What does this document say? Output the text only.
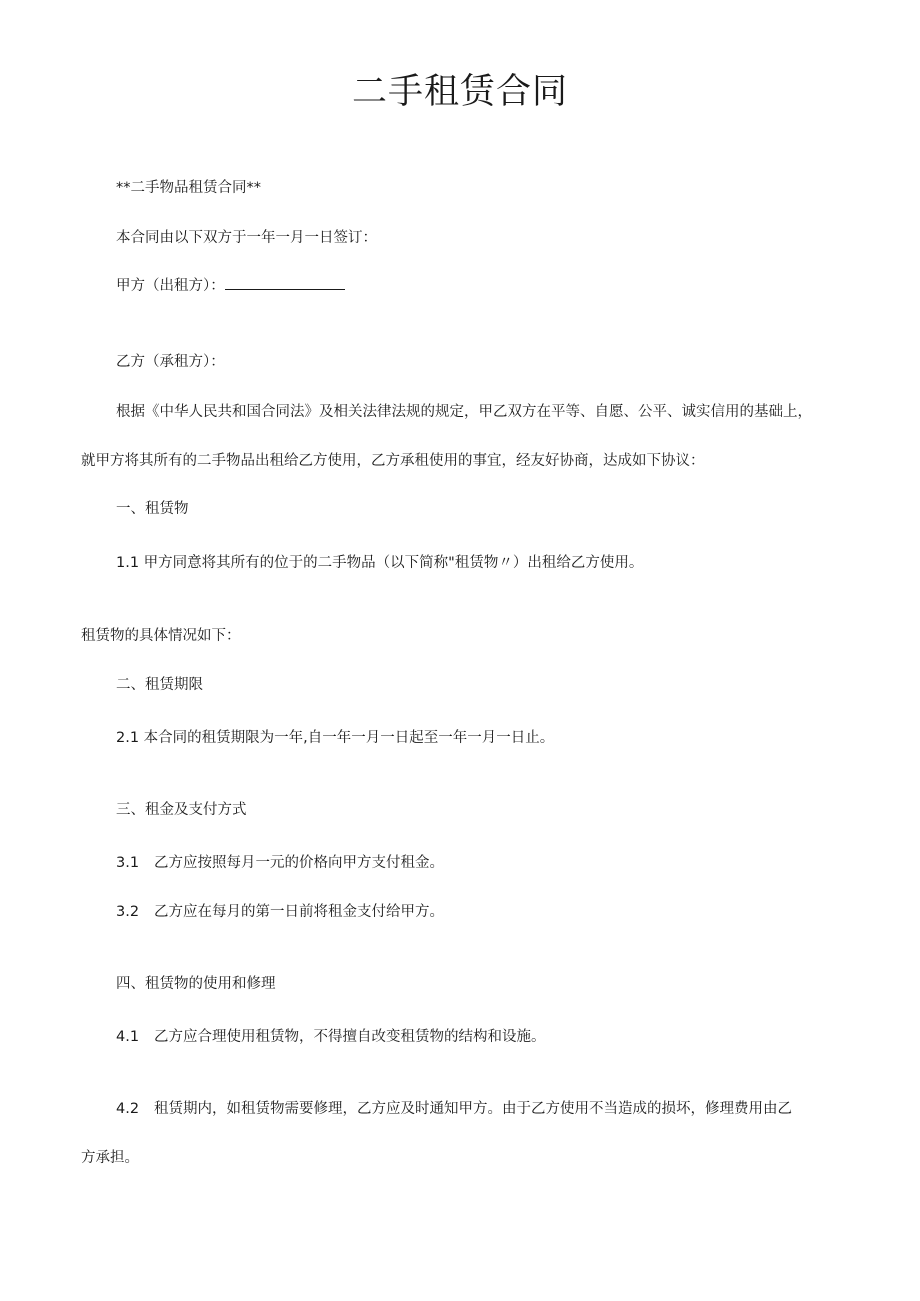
二手租赁合同
**二手物品租赁合同**
本合同由以下双方于一年一月一日签订：
甲方（出租方）：
乙方（承租方）：
根据《中华人民共和国合同法》及相关法律法规的规定，甲乙双方在平等、自愿、公平、诚实信用的基础上，
就甲方将其所有的二手物品出租给乙方使用，乙方承租使用的事宜，经友好协商，达成如下协议：
一、租赁物
1.1 甲方同意将其所有的位于的二手物品（以下简称"租赁物〃）出租给乙方使用。
租赁物的具体情况如下：
二、租赁期限
2.1 本合同的租赁期限为一年,自一年一月一日起至一年一月一日止。
三、租金及支付方式
3.1 乙方应按照每月一元的价格向甲方支付租金。
3.2 乙方应在每月的第一日前将租金支付给甲方。
四、租赁物的使用和修理
4.1 乙方应合理使用租赁物，不得擅自改变租赁物的结构和设施。
4.2 租赁期内，如租赁物需要修理，乙方应及时通知甲方。由于乙方使用不当造成的损坏，修理费用由乙
方承担。
